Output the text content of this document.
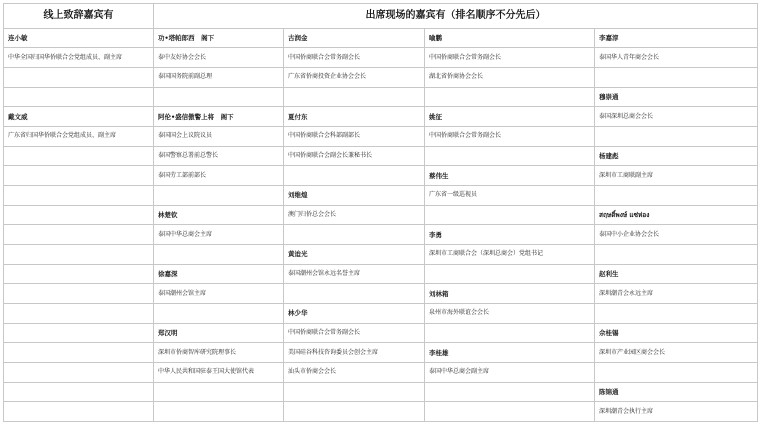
线上致辞嘉宾有	出席现场的嘉宾有（排名顺序不分先后）			
连小敏	功•塔帕郎西　阁下	古润金	喻鹏	李嘉淳
中华全国归国华侨联合会党组成员、副主席	泰中友好协会会长	中国侨商联合会常务副会长	中国侨商联合会常务副会长	泰国华人青年商会会长
	泰国国务院前副总理	广东省侨商投资企业协会会长	湖北省侨商协会会长	
				穆崇通
戴文威	阿伦•盛信傲警上将　阁下	夏付东	姚征	泰国深圳总商会会长
广东省归国华侨联合会党组成员、副主席	泰国国会上议院议员	中国侨商联合会科部副部长	中国侨商联合会常务副会长	
	泰国警察总署前总警长	中国侨商联合会副会长兼秘书长		杨建彪
	泰国劳工部前部长		蔡伟生	深圳市工商联副主席
		刘维煌	广东省一级巡视员	
	林楚钦	澳门归侨总会会长		สฤษดิ์พงษ์ แซ่ห่อง
	泰国中华总商会主席		李勇	泰国中小企业协会会长
		黄迨光	深圳市工商联合会（深圳总商会）党组书记	
	徐嘉深	泰国潮州会馆永远名誉主席		赵利生
	泰国潮州会馆主席		刘林箱	深圳潮青会永远主席
		林少华	泉州市海外联谊会会长	
	郑汉明	中国侨商联合会常务副会长		佘桂锡
	深圳市侨商智库研究院理事长	美国硅谷科技咨询委员会创会主席	李桂雄	深圳市产业园区商会会长
	中华人民共和国驻泰王国大使馆代表	汕头市侨商会会长	泰国中华总商会副主席	
				陈锦通
				深圳潮青会执行主席
